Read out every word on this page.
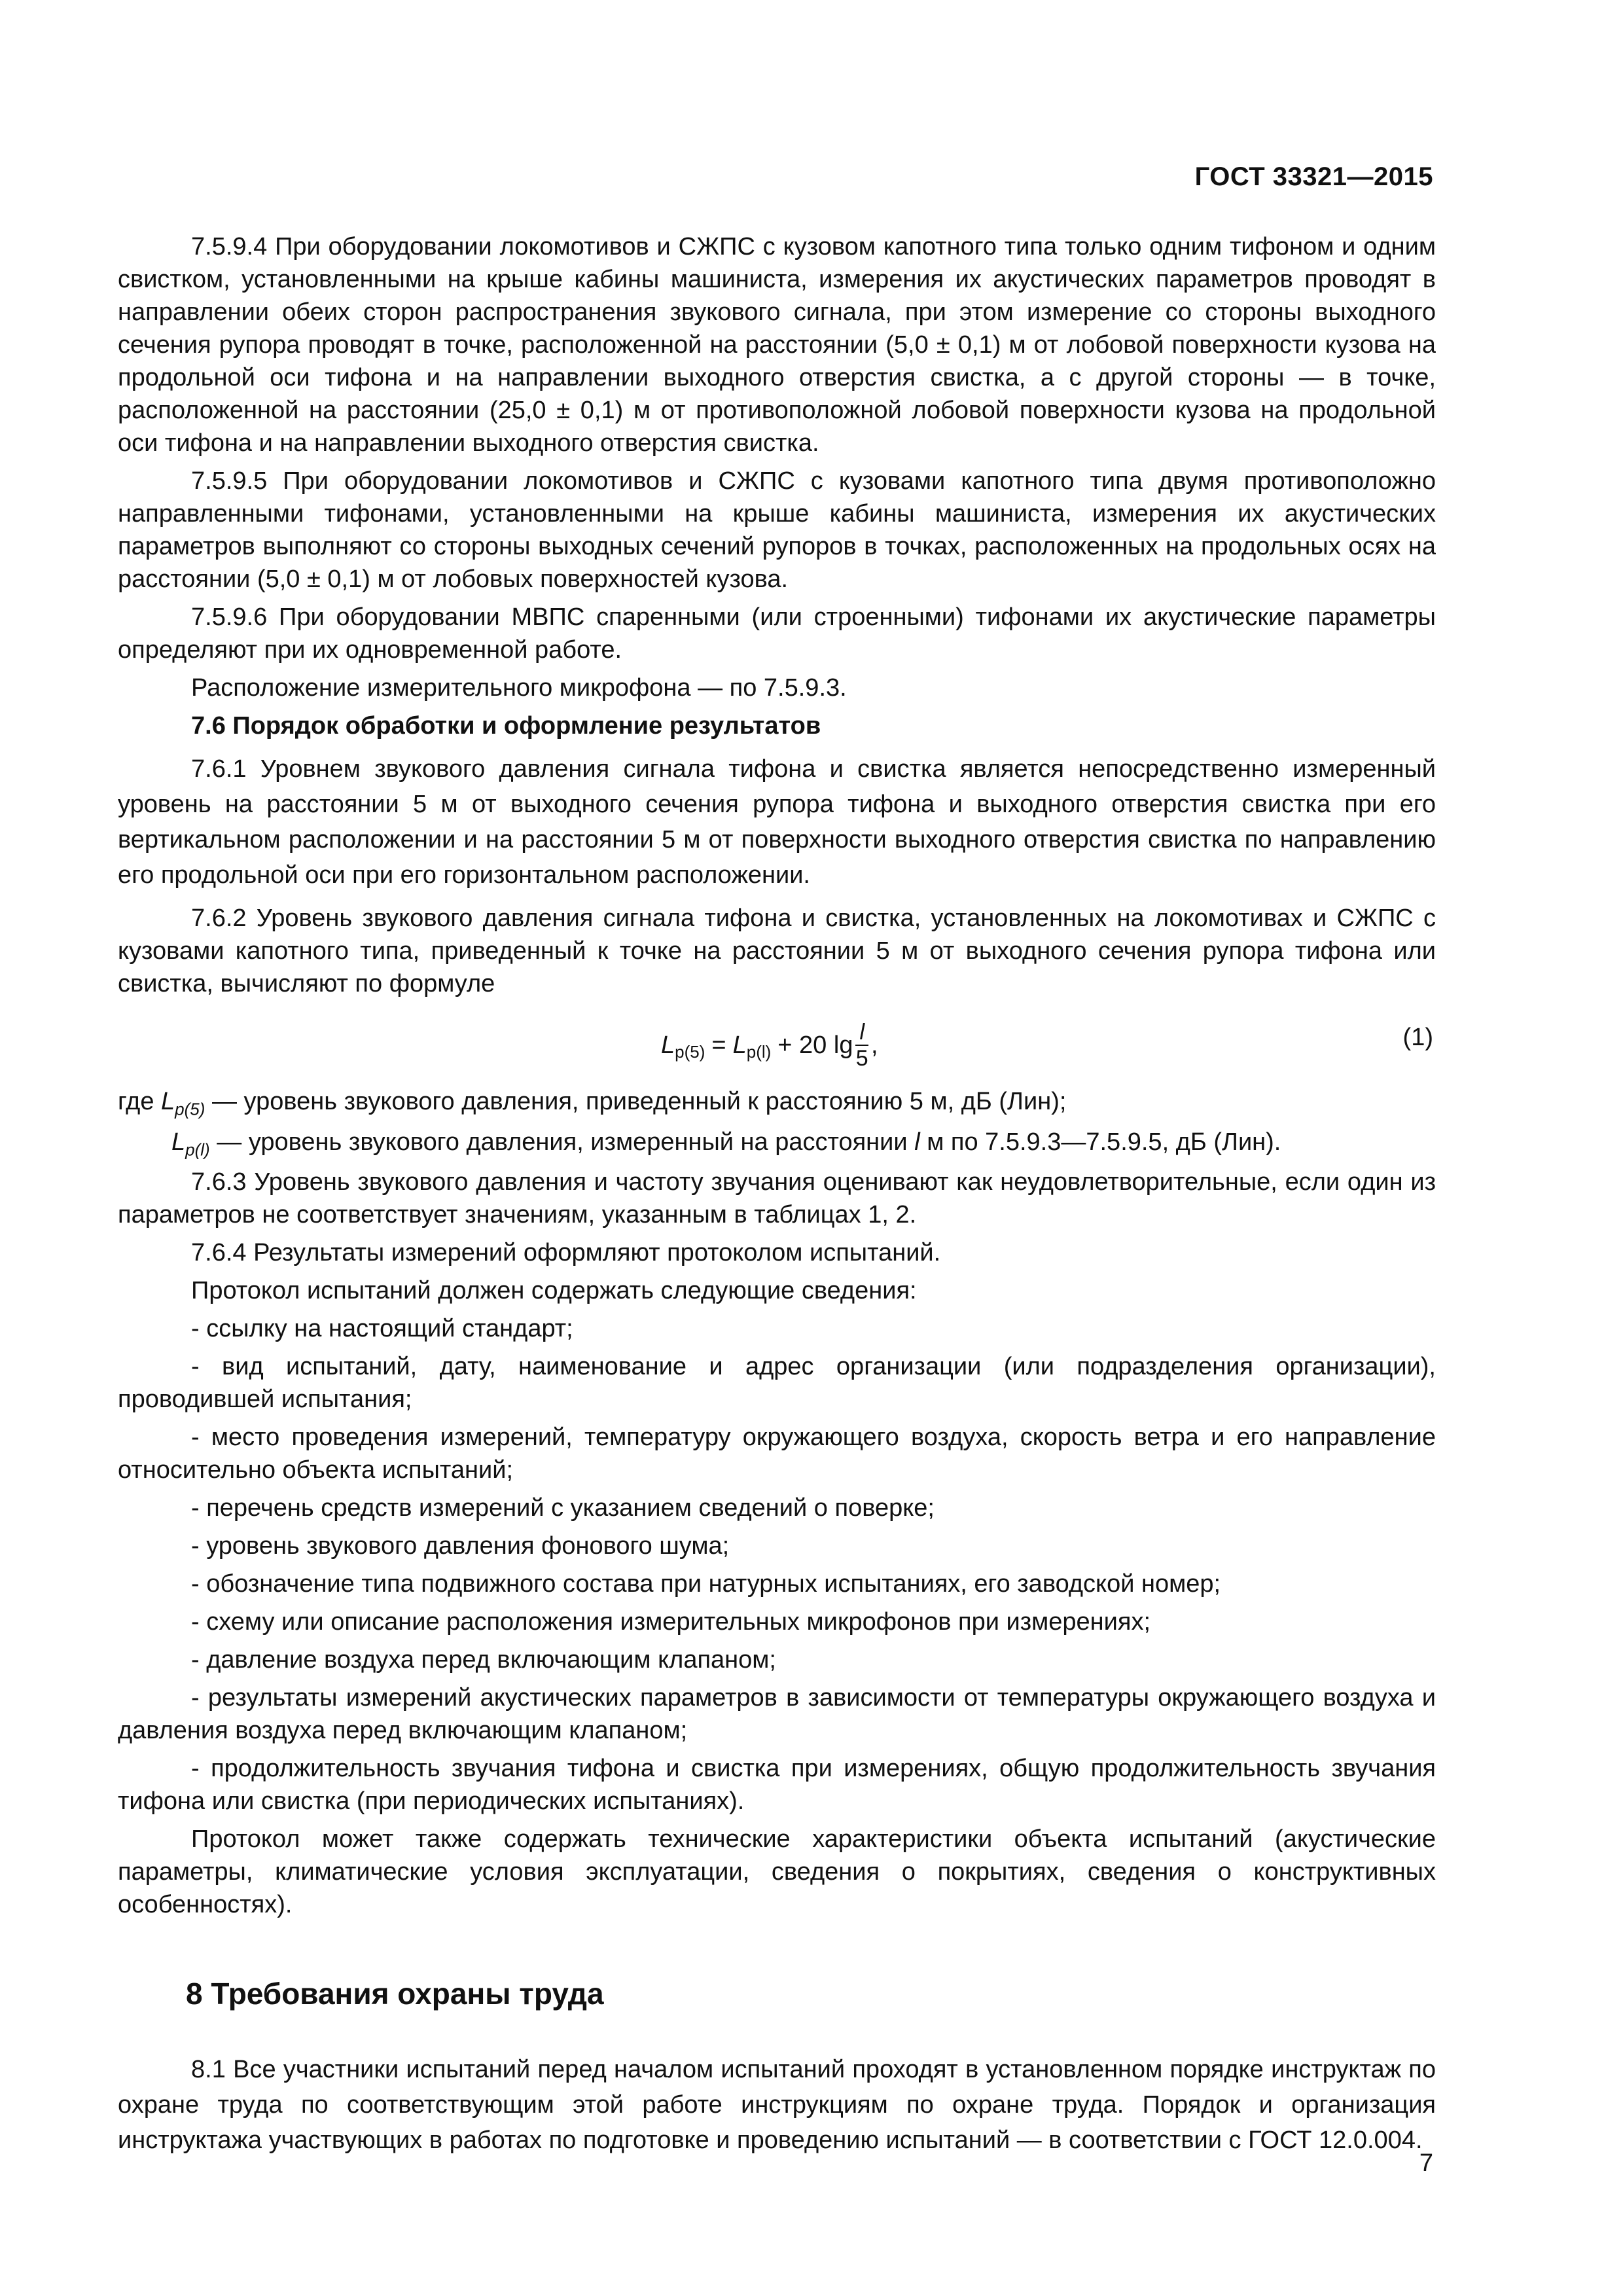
ГОСТ 33321—2015

7.5.9.4 При оборудовании локомотивов и СЖПС с кузовом капотного типа только одним тифоном и одним свистком, установленными на крыше кабины машиниста, измерения их акустических параметров проводят в направлении обеих сторон распространения звукового сигнала, при этом измерение со стороны выходного сечения рупора проводят в точке, расположенной на расстоянии (5,0 ± 0,1) м от лобовой поверхности кузова на продольной оси тифона и на направлении выходного отверстия свистка, а с другой стороны — в точке, расположенной на расстоянии (25,0 ± 0,1) м от противоположной лобовой поверхности кузова на продольной оси тифона и на направлении выходного отверстия свистка.

7.5.9.5 При оборудовании локомотивов и СЖПС с кузовами капотного типа двумя противоположно направленными тифонами, установленными на крыше кабины машиниста, измерения их акустических параметров выполняют со стороны выходных сечений рупоров в точках, расположенных на продольных осях на расстоянии (5,0 ± 0,1) м от лобовых поверхностей кузова.

7.5.9.6 При оборудовании МВПС спаренными (или строенными) тифонами их акустические параметры определяют при их одновременной работе.

Расположение измерительного микрофона — по 7.5.9.3.

7.6 Порядок обработки и оформление результатов

7.6.1 Уровнем звукового давления сигнала тифона и свистка является непосредственно измеренный уровень на расстоянии 5 м от выходного сечения рупора тифона и выходного отверстия свистка при его вертикальном расположении и на расстоянии 5 м от поверхности выходного отверстия свистка по направлению его продольной оси при его горизонтальном расположении.

7.6.2 Уровень звукового давления сигнала тифона и свистка, установленных на локомотивах и СЖПС с кузовами капотного типа, приведенный к точке на расстоянии 5 м от выходного сечения рупора тифона или свистка, вычисляют по формуле

$L_{p(5)} = L_{p(l)} + 20$ $\lg \frac{l}{5}$ ,	(1)

где $L_{p(5)}$ — уровень звукового давления, приведенный к расстоянию 5 м, дБ (Лин);

$L_{p(l)}$ — уровень звукового давления, измеренный на расстоянии l м по 7.5.9.3—7.5.9.5, дБ (Лин).

7.6.3 Уровень звукового давления и частоту звучания оценивают как неудовлетворительные, если один из параметров не соответствует значениям, указанным в таблицах 1, 2.

7.6.4 Результаты измерений оформляют протоколом испытаний.

Протокол испытаний должен содержать следующие сведения:

- ссылку на настоящий стандарт;

- вид испытаний, дату, наименование и адрес организации (или подразделения организации), проводившей испытания;

- место проведения измерений, температуру окружающего воздуха, скорость ветра и его направление относительно объекта испытаний;

- перечень средств измерений с указанием сведений о поверке;

- уровень звукового давления фонового шума;

- обозначение типа подвижного состава при натурных испытаниях, его заводской номер;

- схему или описание расположения измерительных микрофонов при измерениях;

- давление воздуха перед включающим клапаном;

- результаты измерений акустических параметров в зависимости от температуры окружающего воздуха и давления воздуха перед включающим клапаном;

- продолжительность звучания тифона и свистка при измерениях, общую продолжительность звучания тифона или свистка (при периодических испытаниях).

Протокол может также содержать технические характеристики объекта испытаний (акустические параметры, климатические условия эксплуатации, сведения о покрытиях, сведения о конструктивных особенностях).

8 Требования охраны труда

8.1 Все участники испытаний перед началом испытаний проходят в установленном порядке инструктаж по охране труда по соответствующим этой работе инструкциям по охране труда. Порядок и организация инструктажа участвующих в работах по подготовке и проведению испытаний — в соответствии с ГОСТ 12.0.004.

7
